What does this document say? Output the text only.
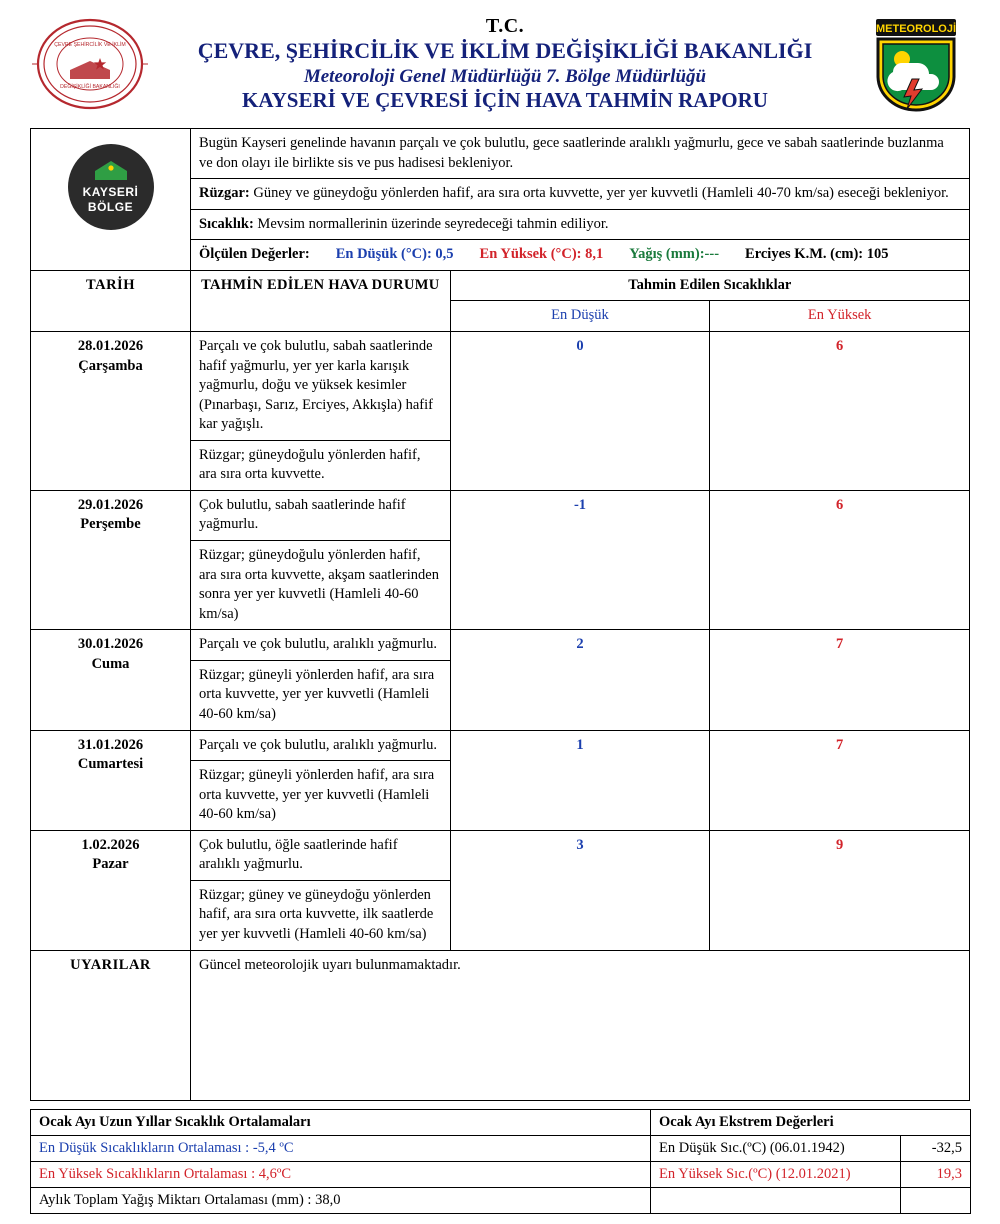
ÇEVRE ŞEHİRCİLİK VE İKLİM
DEĞİŞİKLİĞİ BAKANLIĞI
T.C.
ÇEVRE, ŞEHİRCİLİK VE İKLİM DEĞİŞİKLİĞİ BAKANLIĞI
Meteoroloji Genel Müdürlüğü 7. Bölge Müdürlüğü
KAYSERİ VE ÇEVRESİ İÇİN HAVA TAHMİN RAPORU
METEOROLOJİ
KAYSERİ
BÖLGE	Bugün Kayseri genelinde havanın parçalı ve çok bulutlu, gece saatlerinde aralıklı yağmurlu, gece ve sabah saatlerinde buzlanma ve don olayı ile birlikte sis ve pus hadisesi bekleniyor.		
	Rüzgar: Güney ve güneydoğu yönlerden hafif, ara sıra orta kuvvette, yer yer kuvvetli (Hamleli 40-70 km/sa) eseceği bekleniyor.		
	Sıcaklık: Mevsim normallerinin üzerinde seyredeceği tahmin ediliyor.		

	Ölçülen Değerler: En Düşük (°C): 0,5 En Yüksek (°C): 8,1 Yağış (mm):--- Erciyes K.M. (cm): 105		

TARİH	TAHMİN EDİLEN HAVA DURUMU	Tahmin Edilen Sıcaklıklar	
		En Düşük	En Yüksek

28.01.2026
Çarşamba	Parçalı ve çok bulutlu, sabah saatlerinde hafif yağmurlu, yer yer karla karışık yağmurlu, doğu ve yüksek kesimler (Pınarbaşı, Sarız, Erciyes, Akkışla) hafif kar yağışlı.	0	6
	Rüzgar; güneydoğulu yönlerden hafif, ara sıra orta kuvvette.		

29.01.2026
Perşembe	Çok bulutlu, sabah saatlerinde hafif yağmurlu.	-1	6
	Rüzgar; güneydoğulu yönlerden hafif, ara sıra orta kuvvette, akşam saatlerinden sonra yer yer kuvvetli (Hamleli 40-60 km/sa)		

30.01.2026
Cuma	Parçalı ve çok bulutlu, aralıklı yağmurlu.	2	7
	Rüzgar; güneyli yönlerden hafif, ara sıra orta kuvvette, yer yer kuvvetli (Hamleli 40-60 km/sa)		

31.01.2026
Cumartesi	Parçalı ve çok bulutlu, aralıklı yağmurlu.	1	7
	Rüzgar; güneyli yönlerden hafif, ara sıra orta kuvvette, yer yer kuvvetli (Hamleli 40-60 km/sa)		

1.02.2026
Pazar	Çok bulutlu, öğle saatlerinde hafif aralıklı yağmurlu.	3	9
	Rüzgar; güney ve güneydoğu yönlerden hafif, ara sıra orta kuvvette, ilk saatlerde yer yer kuvvetli (Hamleli 40-60 km/sa)		
UYARILAR	Güncel meteorolojik uyarı bulunmamaktadır.		
Ocak Ayı Uzun Yıllar Sıcaklık Ortalamaları	Ocak Ayı Ekstrem Değerleri	
En Düşük Sıcaklıkların Ortalaması : -5,4 ºC	En Düşük Sıc.(ºC) (06.01.1942)	-32,5
En Yüksek Sıcaklıkların Ortalaması : 4,6ºC	En Yüksek Sıc.(ºC) (12.01.2021)	19,3
Aylık Toplam Yağış Miktarı Ortalaması (mm) : 38,0		
